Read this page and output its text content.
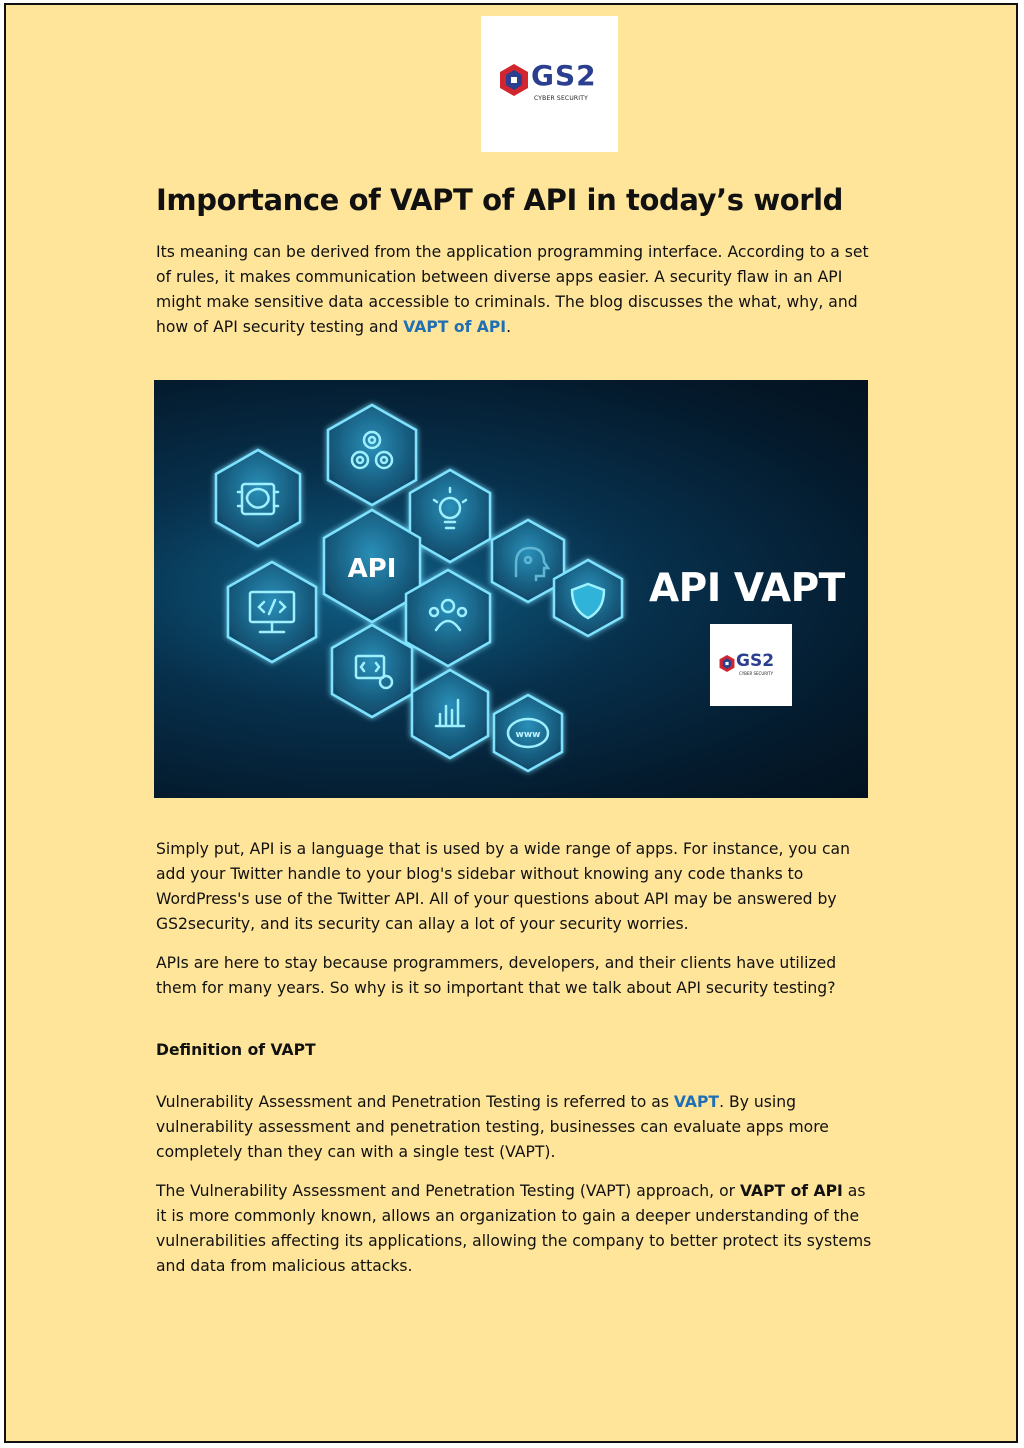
GS2
CYBER SECURITY
Importance of VAPT of API in today’s world

Its meaning can be derived from the application programming interface. According to a set of rules, it makes communication between diverse apps easier. A security flaw in an API might make sensitive data accessible to criminals. The blog discusses the what, why, and how of API security testing and VAPT of API.

www
API	API VAPT
GS2
CYBER SECURITY

Simply put, API is a language that is used by a wide range of apps. For instance, you can add your Twitter handle to your blog's sidebar without knowing any code thanks to WordPress's use of the Twitter API. All of your questions about API may be answered by GS2security, and its security can allay a lot of your security worries.

APIs are here to stay because programmers, developers, and their clients have utilized them for many years. So why is it so important that we talk about API security testing?

Definition of VAPT

Vulnerability Assessment and Penetration Testing is referred to as VAPT. By using vulnerability assessment and penetration testing, businesses can evaluate apps more completely than they can with a single test (VAPT).

The Vulnerability Assessment and Penetration Testing (VAPT) approach, or VAPT of API as it is more commonly known, allows an organization to gain a deeper understanding of the vulnerabilities affecting its applications, allowing the company to better protect its systems and data from malicious attacks.
